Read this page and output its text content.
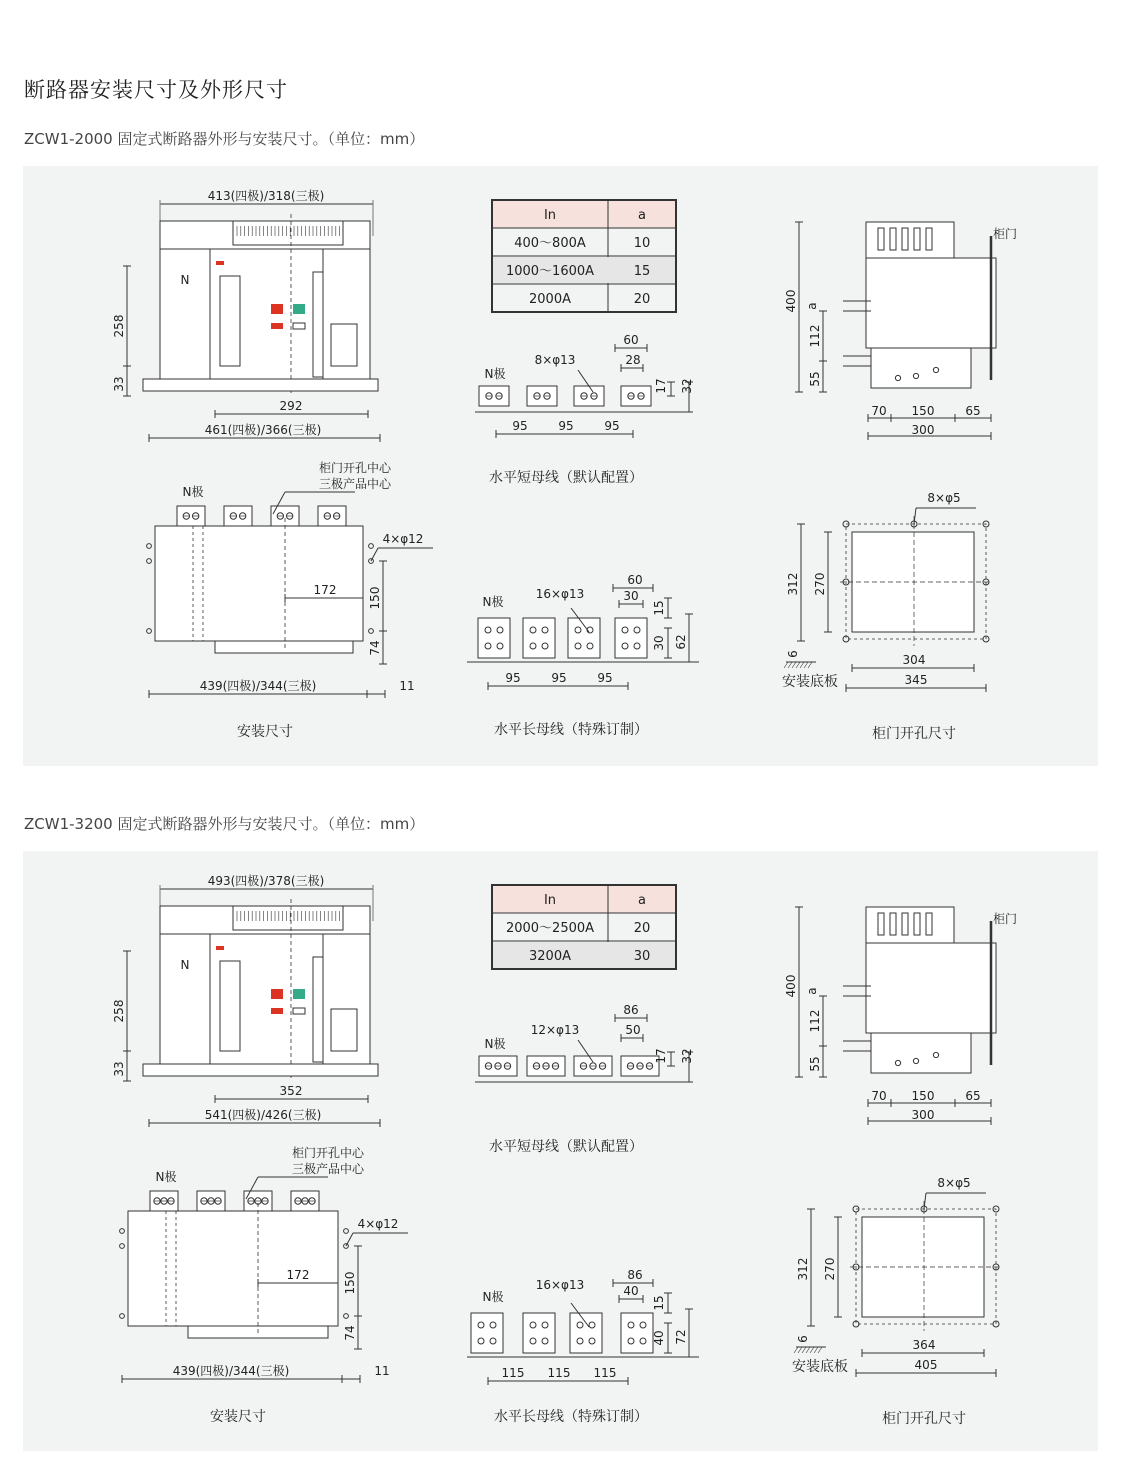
断路器安装尺寸及外形尺寸
ZCW1-2000 固定式断路器外形与安装尺寸。（单位：mm）
413(四极)/318(三极)
N
258
33
292
461(四极)/366(三极)
In	a
400～800A	10
1000～1600A	15
2000A	20
N极
8×φ13
60
28
17 32
95	95	95
水平短母线（默认配置）
柜门
400 a
112
55
70 150	65
300
N极
柜门开孔中心
三极产品中心
4×φ12
172	150
74
439(四极)/344(三极)	11
安装尺寸
N极
16×φ13
60
30
15
30 62
95	95	95
水平长母线（特殊订制）
8×φ5
312 270
6
安装底板
304
345
柜门开孔尺寸
ZCW1-3200 固定式断路器外形与安装尺寸。（单位：mm）
493(四极)/378(三极)
N
258
33
352
541(四极)/426(三极)
In	a
2000～2500A	20
3200A	30
N极
12×φ13
86
50
17 32
水平短母线（默认配置）
柜门
400 a
112
55
70 150	65
300
N极
柜门开孔中心
三极产品中心
4×φ12
172	150
74
439(四极)/344(三极)	11
安装尺寸
N极
16×φ13
86
40
15
40 72
115 115 115
水平长母线（特殊订制）
8×φ5
312 270
6
安装底板
364
405
柜门开孔尺寸
